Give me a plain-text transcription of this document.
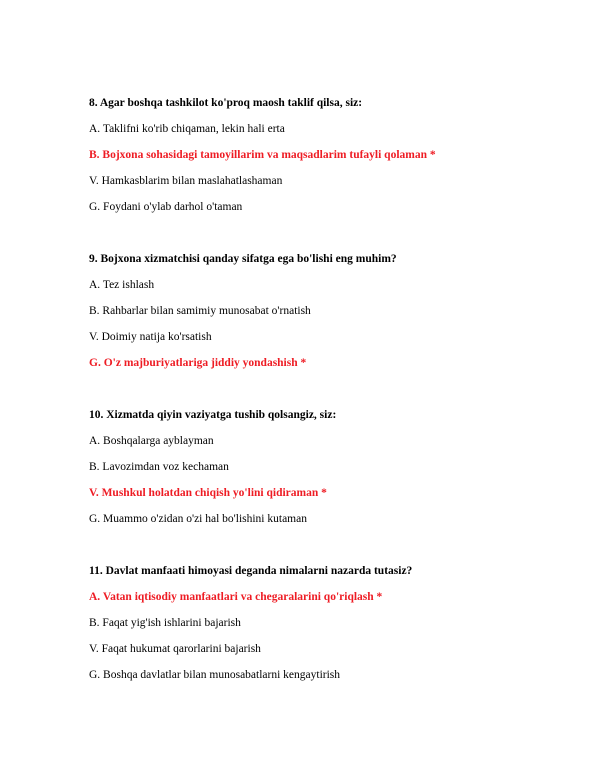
8. Agar boshqa tashkilot ko'proq maosh taklif qilsa, siz:
A. Taklifni ko'rib chiqaman, lekin hali erta
B. Bojxona sohasidagi tamoyillarim va maqsadlarim tufayli qolaman *
V. Hamkasblarim bilan maslahatlashaman
G. Foydani o'ylab darhol o'taman
9. Bojxona xizmatchisi qanday sifatga ega bo'lishi eng muhim?
A. Tez ishlash
B. Rahbarlar bilan samimiy munosabat o'rnatish
V. Doimiy natija ko'rsatish
G. O'z majburiyatlariga jiddiy yondashish *
10. Xizmatda qiyin vaziyatga tushib qolsangiz, siz:
A. Boshqalarga ayblayman
B. Lavozimdan voz kechaman
V. Mushkul holatdan chiqish yo'lini qidiraman *
G. Muammo o'zidan o'zi hal bo'lishini kutaman
11. Davlat manfaati himoyasi deganda nimalarni nazarda tutasiz?
A. Vatan iqtisodiy manfaatlari va chegaralarini qo'riqlash *
B. Faqat yig'ish ishlarini bajarish
V. Faqat hukumat qarorlarini bajarish
G. Boshqa davlatlar bilan munosabatlarni kengaytirish
